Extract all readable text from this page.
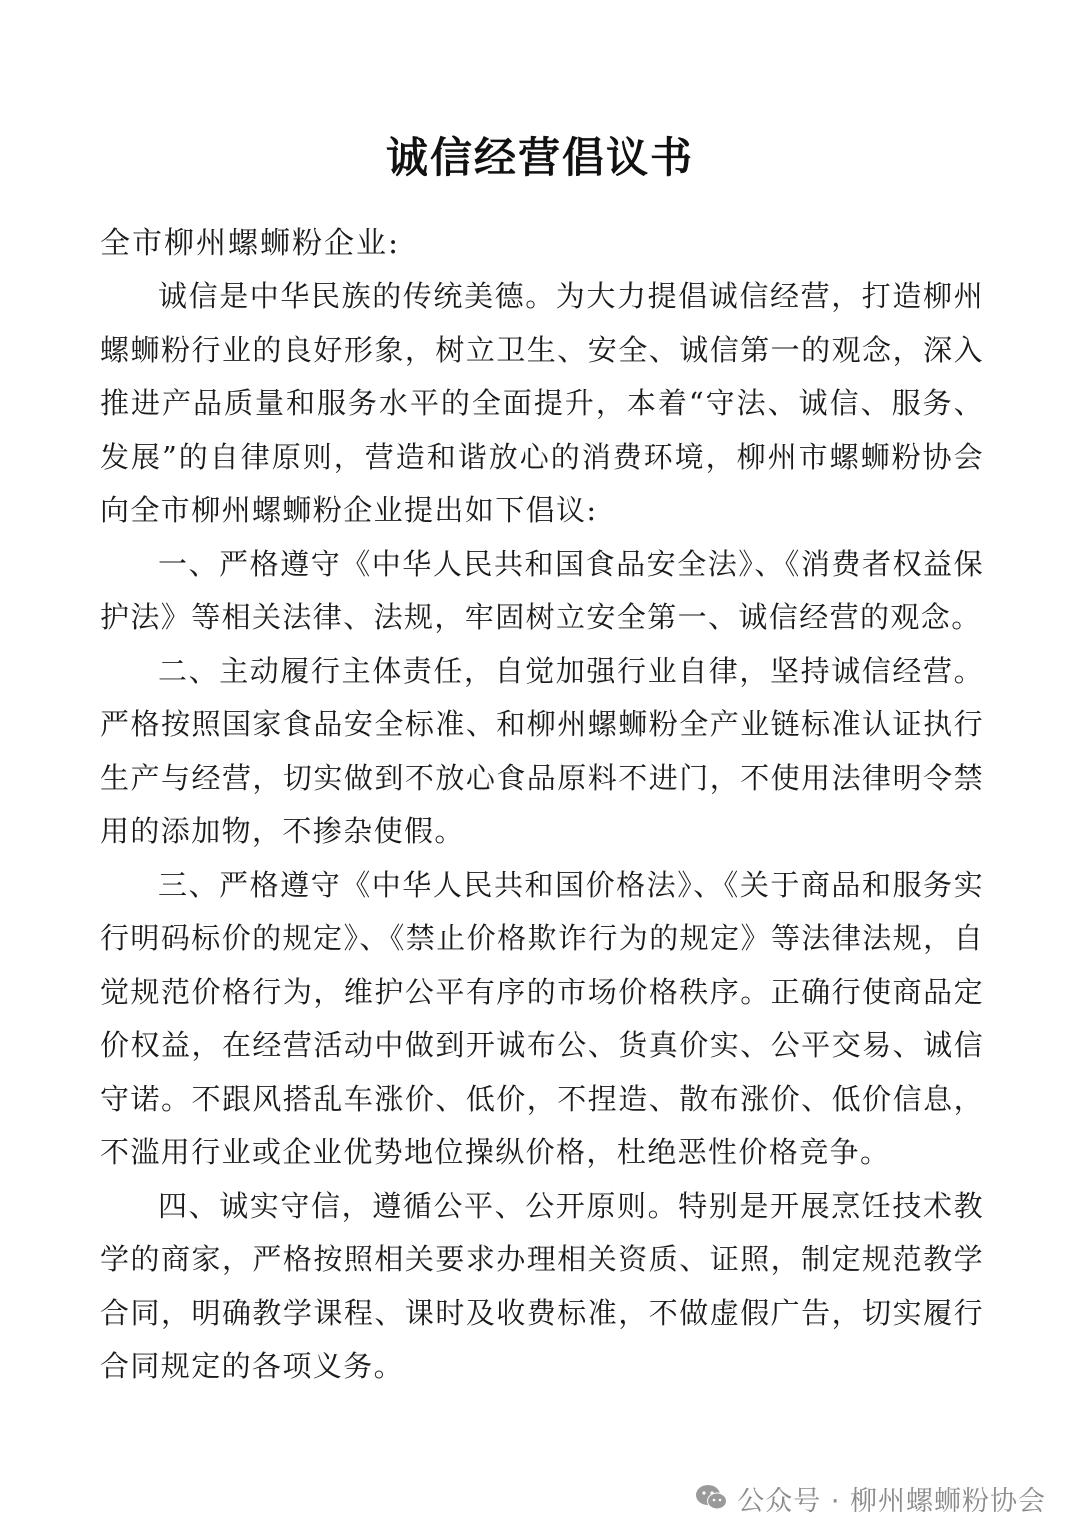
诚信经营倡议书
全市柳州螺蛳粉企业:

诚信是中华民族的传统美德。为大力提倡诚信经营，打造柳州螺蛳粉行业的良好形象，树立卫生、安全、诚信第一的观念，深入推进产品质量和服务水平的全面提升，本着“守法、诚信、服务、发展”的自律原则，营造和谐放心的消费环境，柳州市螺蛳粉协会向全市柳州螺蛳粉企业提出如下倡议:

一、严格遵守《中华人民共和国食品安全法》、《消费者权益保护法》等相关法律、法规，牢固树立安全第一、诚信经营的观念。

二、主动履行主体责任，自觉加强行业自律，坚持诚信经营。严格按照国家食品安全标准、和柳州螺蛳粉全产业链标准认证执行生产与经营，切实做到不放心食品原料不进门，不使用法律明令禁用的添加物，不掺杂使假。

三、严格遵守《中华人民共和国价格法》、《关于商品和服务实行明码标价的规定》、《禁止价格欺诈行为的规定》等法律法规，自觉规范价格行为，维护公平有序的市场价格秩序。正确行使商品定价权益，在经营活动中做到开诚布公、货真价实、公平交易、诚信守诺。不跟风搭乱车涨价、低价，不捏造、散布涨价、低价信息，不滥用行业或企业优势地位操纵价格，杜绝恶性价格竞争。

四、诚实守信，遵循公平、公开原则。特别是开展烹饪技术教学的商家，严格按照相关要求办理相关资质、证照，制定规范教学合同，明确教学课程、课时及收费标准，不做虚假广告，切实履行合同规定的各项义务。

公众号 · 柳州螺蛳粉协会
